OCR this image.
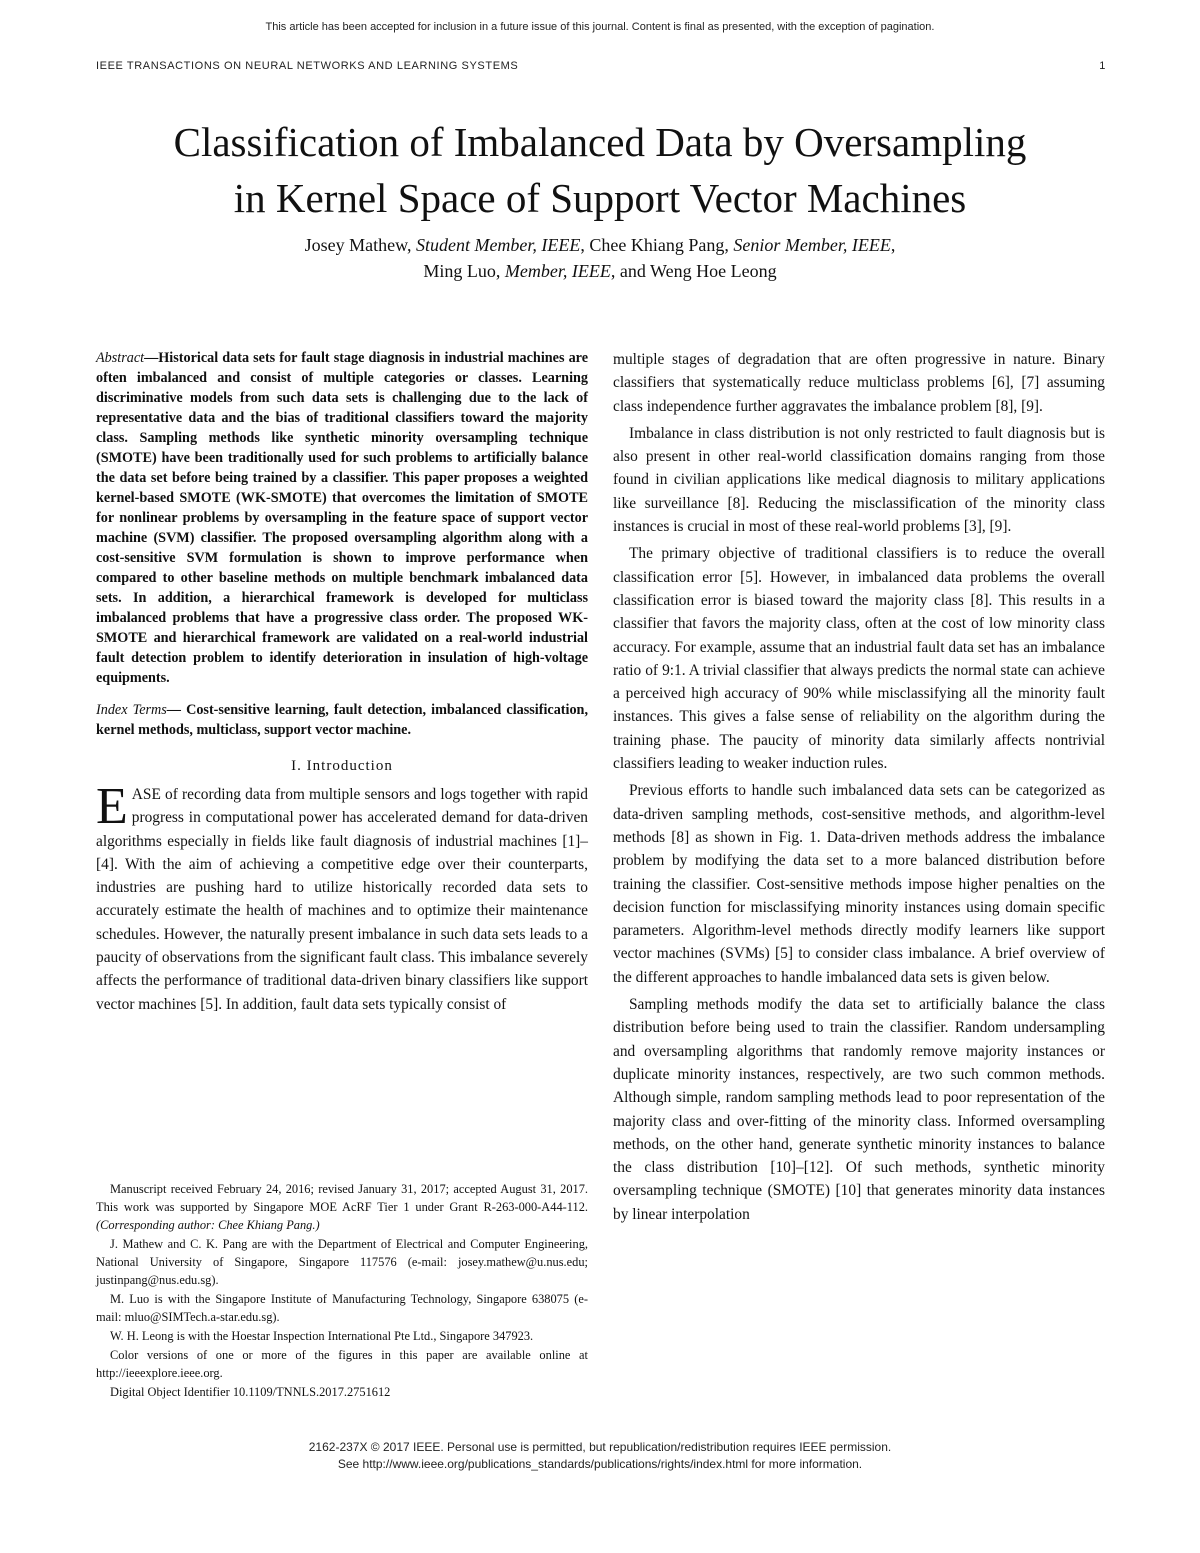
This article has been accepted for inclusion in a future issue of this journal. Content is final as presented, with the exception of pagination.
IEEE TRANSACTIONS ON NEURAL NETWORKS AND LEARNING SYSTEMS	1
Classification of Imbalanced Data by Oversampling
in Kernel Space of Support Vector Machines
Josey Mathew, Student Member, IEEE, Chee Khiang Pang, Senior Member, IEEE,
Ming Luo, Member, IEEE, and Weng Hoe Leong

Abstract—Historical data sets for fault stage diagnosis in industrial machines are often imbalanced and consist of multiple categories or classes. Learning discriminative models from such data sets is challenging due to the lack of representative data and the bias of traditional classifiers toward the majority class. Sampling methods like synthetic minority oversampling technique (SMOTE) have been traditionally used for such problems to artificially balance the data set before being trained by a classifier. This paper proposes a weighted kernel-based SMOTE (WK-SMOTE) that overcomes the limitation of SMOTE for nonlinear problems by oversampling in the feature space of support vector machine (SVM) classifier. The proposed oversampling algorithm along with a cost-sensitive SVM formulation is shown to improve performance when compared to other baseline methods on multiple benchmark imbalanced data sets. In addition, a hierarchical framework is developed for multiclass imbalanced problems that have a progressive class order. The proposed WK-SMOTE and hierarchical framework are validated on a real-world industrial fault detection problem to identify deterioration in insulation of high-voltage equipments.

Index Terms— Cost-sensitive learning, fault detection, imbalanced classification, kernel methods, multiclass, support vector machine.

I. Introduction

EASE of recording data from multiple sensors and logs together with rapid progress in computational power has accelerated demand for data-driven algorithms especially in fields like fault diagnosis of industrial machines [1]–[4]. With the aim of achieving a competitive edge over their counterparts, industries are pushing hard to utilize historically recorded data sets to accurately estimate the health of machines and to optimize their maintenance schedules. However, the naturally present imbalance in such data sets leads to a paucity of observations from the significant fault class. This imbalance severely affects the performance of traditional data-driven binary classifiers like support vector machines [5]. In addition, fault data sets typically consist of

multiple stages of degradation that are often progressive in nature. Binary classifiers that systematically reduce multiclass problems [6], [7] assuming class independence further aggravates the imbalance problem [8], [9].

Imbalance in class distribution is not only restricted to fault diagnosis but is also present in other real-world classification domains ranging from those found in civilian applications like medical diagnosis to military applications like surveillance [8]. Reducing the misclassification of the minority class instances is crucial in most of these real-world problems [3], [9].

The primary objective of traditional classifiers is to reduce the overall classification error [5]. However, in imbalanced data problems the overall classification error is biased toward the majority class [8]. This results in a classifier that favors the majority class, often at the cost of low minority class accuracy. For example, assume that an industrial fault data set has an imbalance ratio of 9:1. A trivial classifier that always predicts the normal state can achieve a perceived high accuracy of 90% while misclassifying all the minority fault instances. This gives a false sense of reliability on the algorithm during the training phase. The paucity of minority data similarly affects nontrivial classifiers leading to weaker induction rules.

Previous efforts to handle such imbalanced data sets can be categorized as data-driven sampling methods, cost-sensitive methods, and algorithm-level methods [8] as shown in Fig. 1. Data-driven methods address the imbalance problem by modifying the data set to a more balanced distribution before training the classifier. Cost-sensitive methods impose higher penalties on the decision function for misclassifying minority instances using domain specific parameters. Algorithm-level methods directly modify learners like support vector machines (SVMs) [5] to consider class imbalance. A brief overview of the different approaches to handle imbalanced data sets is given below.

Sampling methods modify the data set to artificially balance the class distribution before being used to train the classifier. Random undersampling and oversampling algorithms that randomly remove majority instances or duplicate minority instances, respectively, are two such common methods. Although simple, random sampling methods lead to poor representation of the majority class and over-fitting of the minority class. Informed oversampling methods, on the other hand, generate synthetic minority instances to balance the class distribution [10]–[12]. Of such methods, synthetic minority oversampling technique (SMOTE) [10] that generates minority data instances by linear interpolation

Manuscript received February 24, 2016; revised January 31, 2017; accepted August 31, 2017. This work was supported by Singapore MOE AcRF Tier 1 under Grant R-263-000-A44-112. (Corresponding author: Chee Khiang Pang.)

J. Mathew and C. K. Pang are with the Department of Electrical and Computer Engineering, National University of Singapore, Singapore 117576 (e-mail: josey.mathew@u.nus.edu; justinpang@nus.edu.sg).

M. Luo is with the Singapore Institute of Manufacturing Technology, Singapore 638075 (e-mail: mluo@SIMTech.a-star.edu.sg).

W. H. Leong is with the Hoestar Inspection International Pte Ltd., Singapore 347923.

Color versions of one or more of the figures in this paper are available online at http://ieeexplore.ieee.org.

Digital Object Identifier 10.1109/TNNLS.2017.2751612

2162-237X © 2017 IEEE. Personal use is permitted, but republication/redistribution requires IEEE permission.
See http://www.ieee.org/publications_standards/publications/rights/index.html for more information.
